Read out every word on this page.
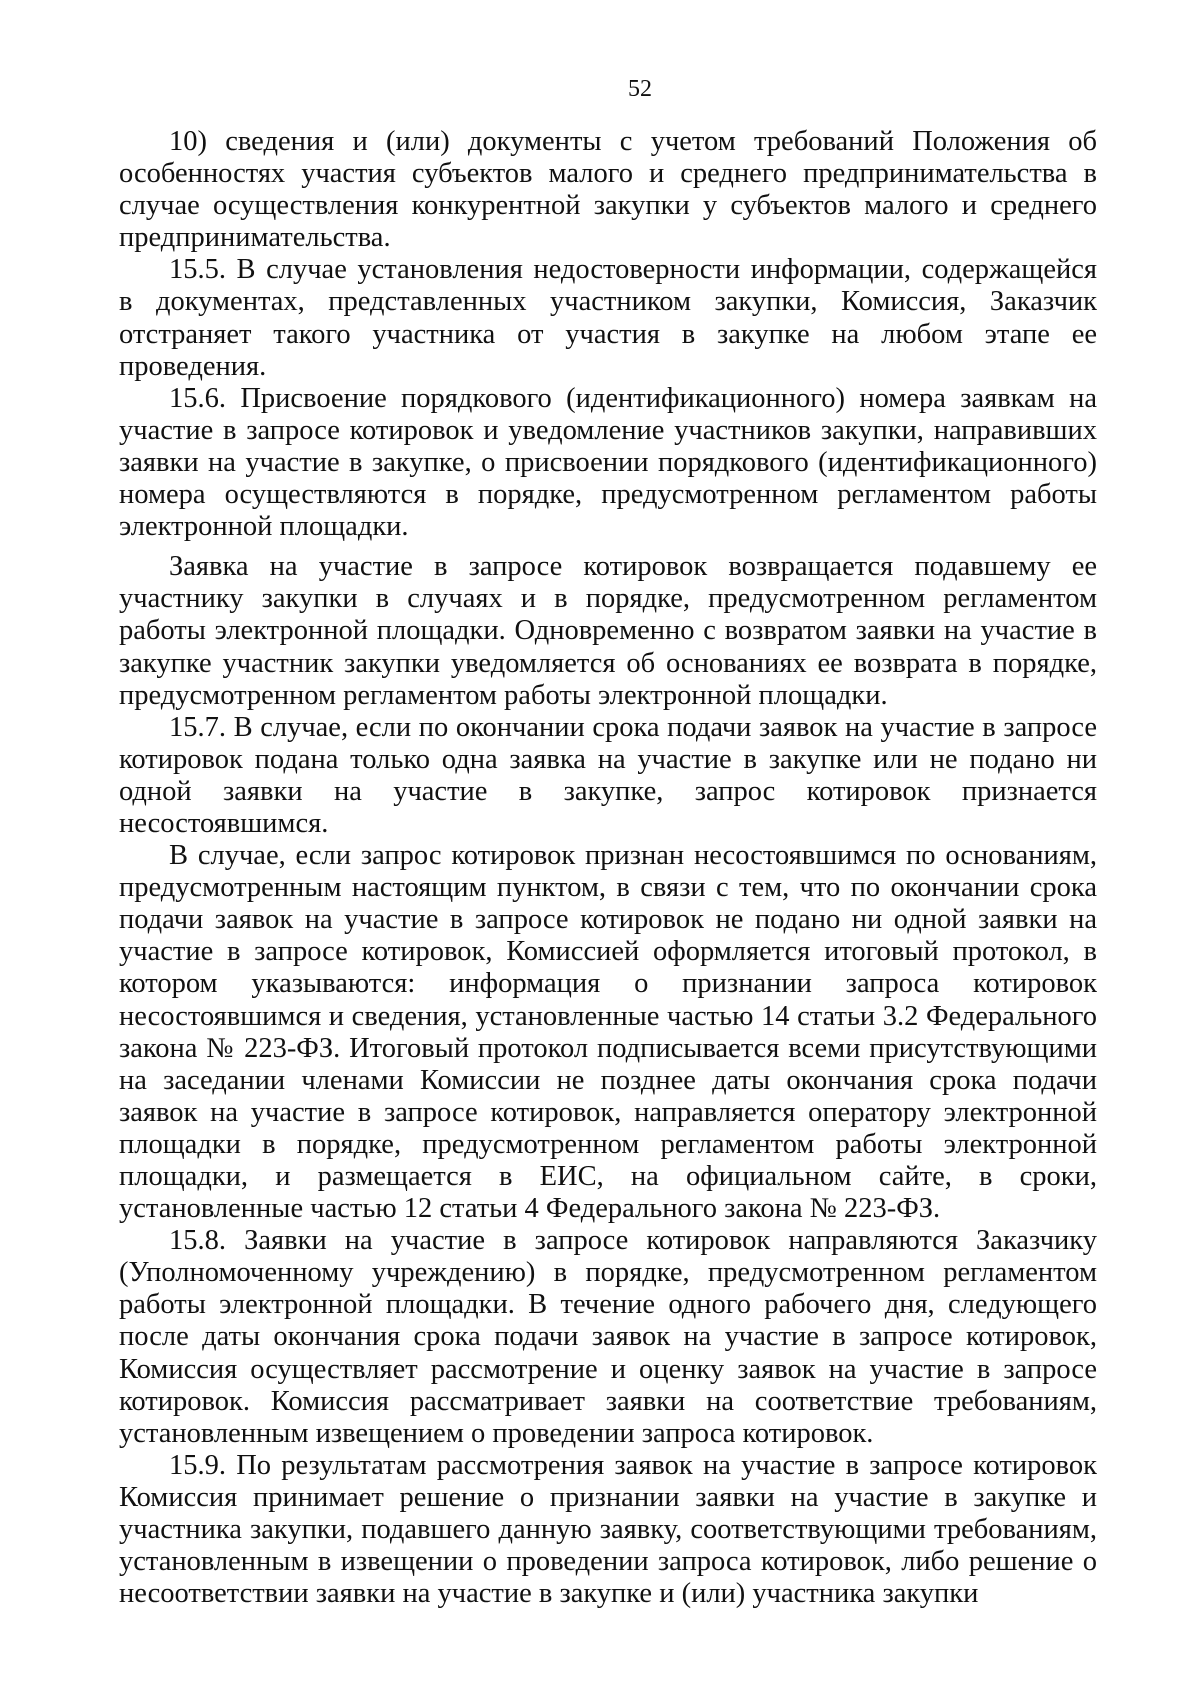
52

10) сведения и (или) документы с учетом требований Положения об особенностях участия субъектов малого и среднего предпринимательства в случае осуществления конкурентной закупки у субъектов малого и среднего предпринимательства.

15.5. В случае установления недостоверности информации, содержащейся в документах, представленных участником закупки, Комиссия, Заказчик отстраняет такого участника от участия в закупке на любом этапе ее проведения.

15.6. Присвоение порядкового (идентификационного) номера заявкам на участие в запросе котировок и уведомление участников закупки, направивших заявки на участие в закупке, о присвоении порядкового (идентификационного) номера осуществляются в порядке, предусмотренном регламентом работы электронной площадки.

Заявка на участие в запросе котировок возвращается подавшему ее участнику закупки в случаях и в порядке, предусмотренном регламентом работы электронной площадки. Одновременно с возвратом заявки на участие в закупке участник закупки уведомляется об основаниях ее возврата в порядке, предусмотренном регламентом работы электронной площадки.

15.7. В случае, если по окончании срока подачи заявок на участие в запросе котировок подана только одна заявка на участие в закупке или не подано ни одной заявки на участие в закупке, запрос котировок признается несостоявшимся.

В случае, если запрос котировок признан несостоявшимся по основаниям, предусмотренным настоящим пунктом, в связи с тем, что по окончании срока подачи заявок на участие в запросе котировок не подано ни одной заявки на участие в запросе котировок, Комиссией оформляется итоговый протокол, в котором указываются: информация о признании запроса котировок несостоявшимся и сведения, установленные частью 14 статьи 3.2 Федерального закона № 223-ФЗ. Итоговый протокол подписывается всеми присутствующими на заседании членами Комиссии не позднее даты окончания срока подачи заявок на участие в запросе котировок, направляется оператору электронной площадки в порядке, предусмотренном регламентом работы электронной площадки, и размещается в ЕИС, на официальном сайте, в сроки, установленные частью 12 статьи 4 Федерального закона № 223-ФЗ.

15.8. Заявки на участие в запросе котировок направляются Заказчику (Уполномоченному учреждению) в порядке, предусмотренном регламентом работы электронной площадки. В течение одного рабочего дня, следующего после даты окончания срока подачи заявок на участие в запросе котировок, Комиссия осуществляет рассмотрение и оценку заявок на участие в запросе котировок. Комиссия рассматривает заявки на соответствие требованиям, установленным извещением о проведении запроса котировок.

15.9. По результатам рассмотрения заявок на участие в запросе котировок Комиссия принимает решение о признании заявки на участие в закупке и участника закупки, подавшего данную заявку, соответствующими требованиям, установленным в извещении о проведении запроса котировок, либо решение о несоответствии заявки на участие в закупке и (или) участника закупки
